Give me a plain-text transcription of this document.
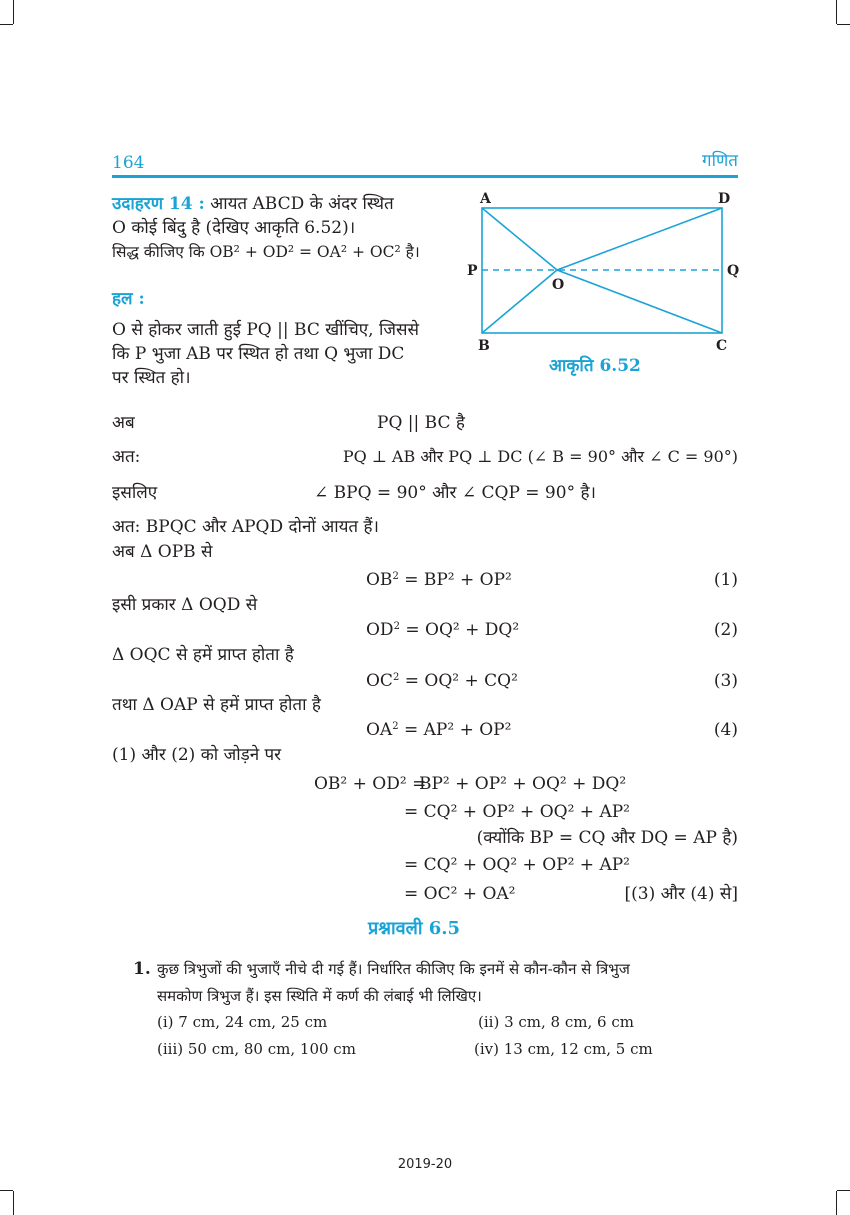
164	गणित
उदाहरण 14 : आयत ABCD के अंदर स्थित
O कोई बिंदु है (देखिए आकृति 6.52)।
सिद्ध कीजिए कि OB² + OD² = OA² + OC² है।
हल :
O से होकर जाती हुई PQ || BC खींचिए, जिससे
कि P भुजा AB पर स्थित हो तथा Q भुजा DC
पर स्थित हो।
A	D
B	C
P	Q
O
आकृति 6.52
अब	PQ || BC है
अत:	PQ ⊥ AB और PQ ⊥ DC (∠ B = 90° और ∠ C = 90°)
इसलिए	∠ BPQ = 90° और ∠ CQP = 90° है।
अत: BPQC और APQD दोनों आयत हैं।
अब Δ OPB से
$OB^2 = BP^2 + OP^2$	(1)
इसी प्रकार Δ OQD से
$OD^2 = OQ^2 + DQ^2$	(2)
Δ OQC से हमें प्राप्त होता है
$OC^2 = OQ^2 + CQ^2$	(3)
तथा Δ OAP से हमें प्राप्त होता है
$OA^2 = AP^2 + OP^2$	(4)
(1) और (2) को जोड़ने पर
OB² + OD² =
BP² + OP² + OQ² + DQ²
= CQ² + OP² + OQ² + AP²
(क्योंकि BP = CQ और DQ = AP है)
= CQ² + OQ² + OP² + AP²
= OC² + OA²	[(3) और (4) से]
प्रश्नावली 6.5
1. कुछ त्रिभुजों की भुजाएँ नीचे दी गई हैं। निर्धारित कीजिए कि इनमें से कौन-कौन से त्रिभुज
समकोण त्रिभुज हैं। इस स्थिति में कर्ण की लंबाई भी लिखिए।
(i) 7 cm, 24 cm, 25 cm	(ii) 3 cm, 8 cm, 6 cm
(iii) 50 cm, 80 cm, 100 cm	(iv) 13 cm, 12 cm, 5 cm
2019-20
